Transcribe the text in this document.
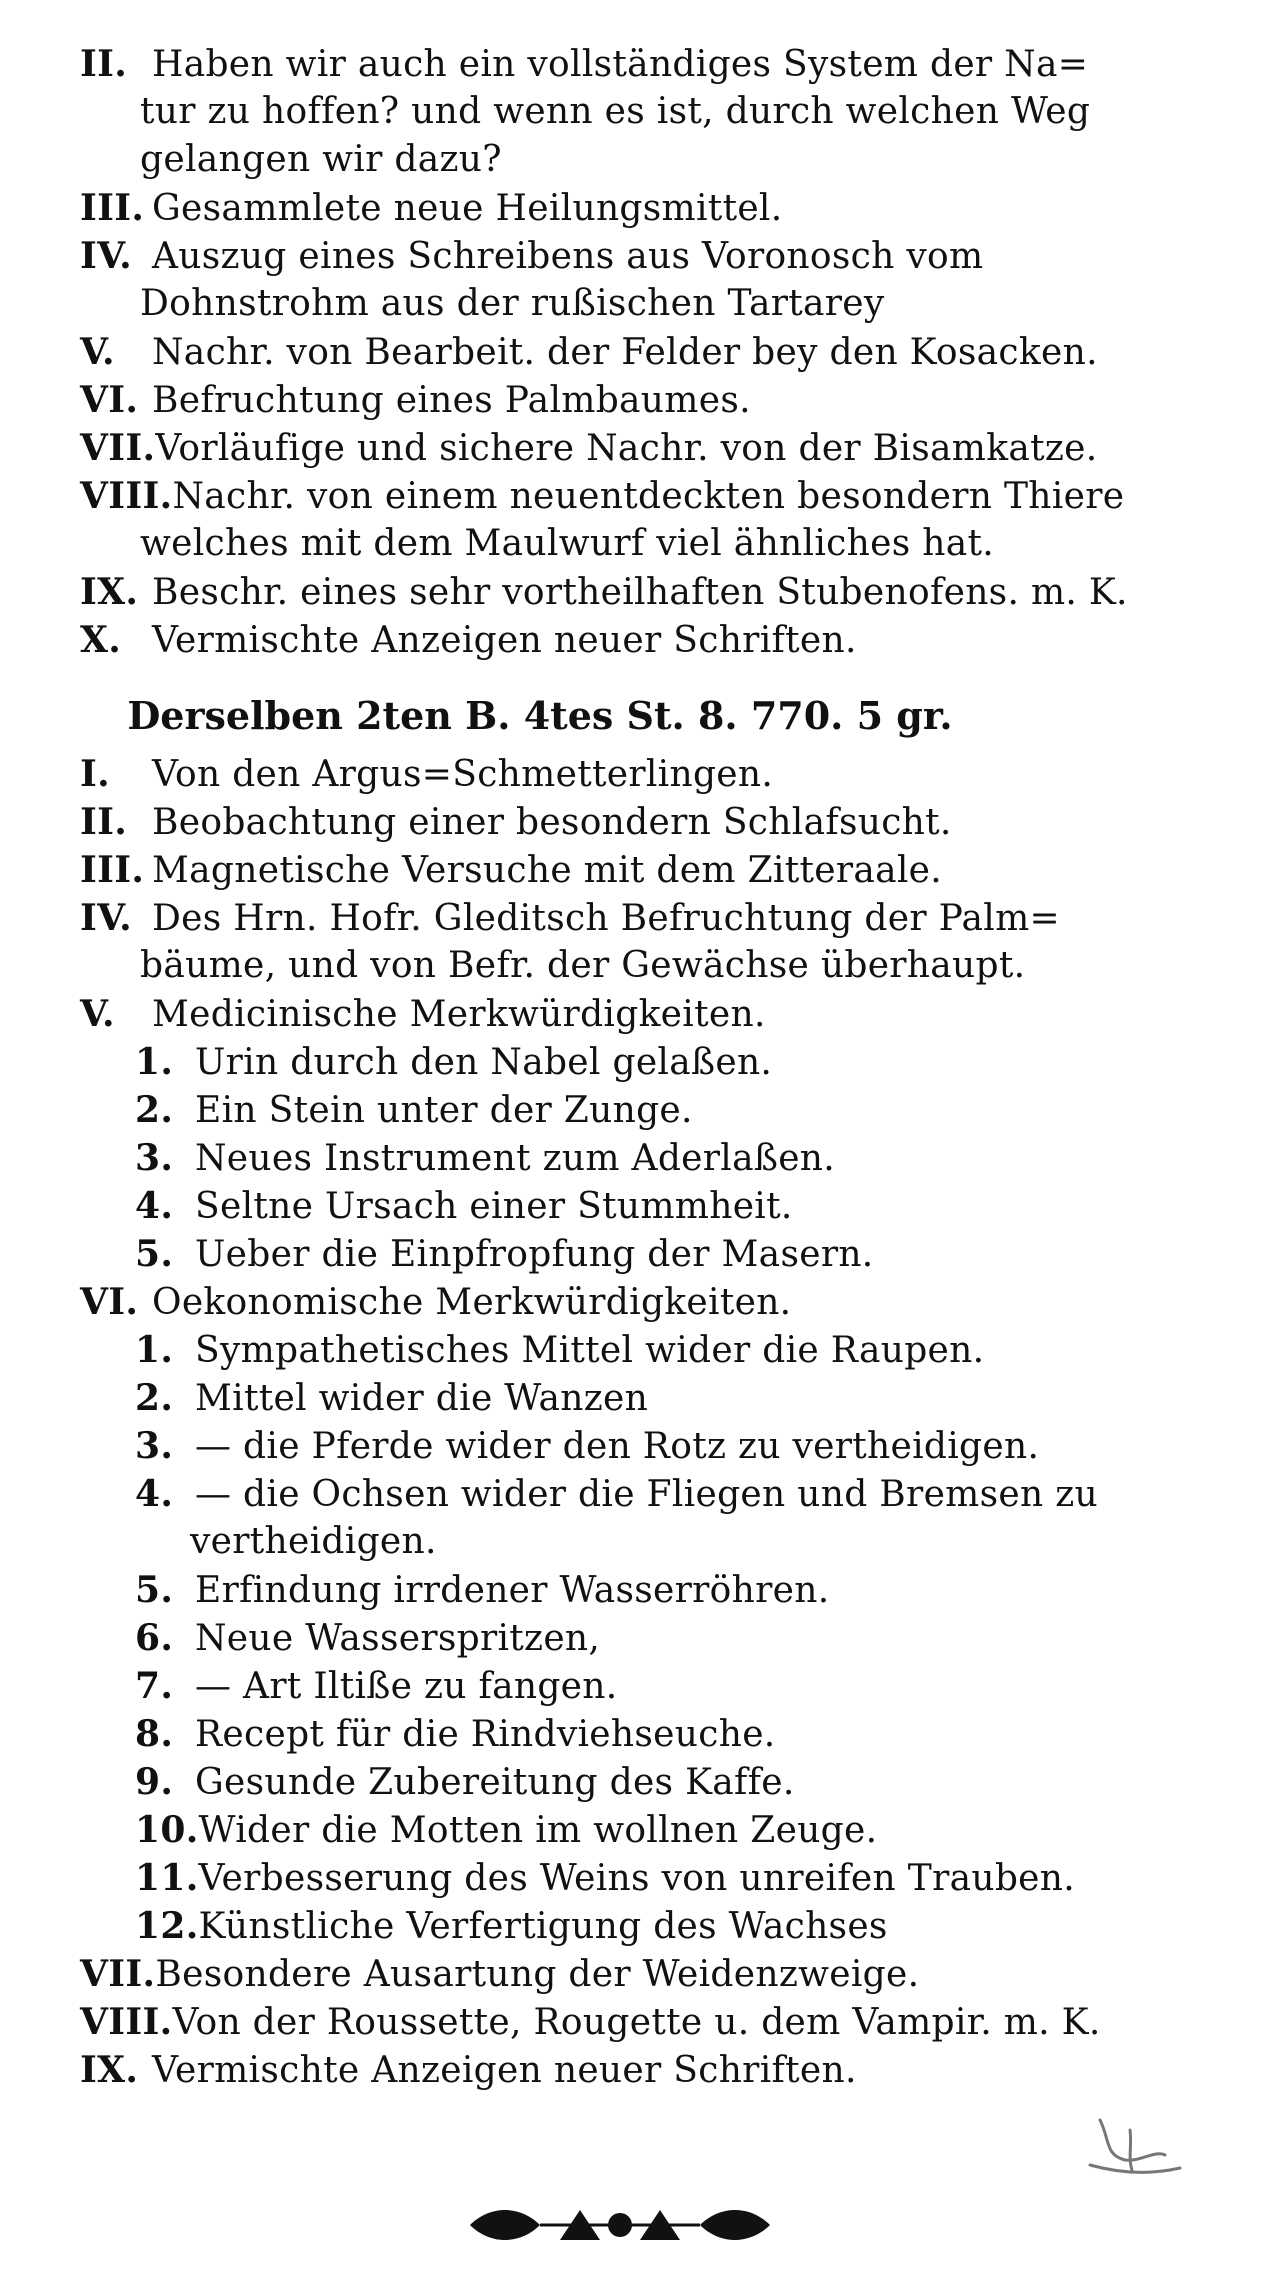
II. Haben wir auch ein vollständiges System der Na=
tur zu hoffen? und wenn es ist, durch welchen Weg
gelangen wir dazu?
III. Gesammlete neue Heilungsmittel.
IV. Auszug eines Schreibens aus Voronosch vom
Dohnstrohm aus der rußischen Tartarey
V. Nachr. von Bearbeit. der Felder bey den Kosacken.
VI. Befruchtung eines Palmbaumes.
VII.Vorläufige und sichere Nachr. von der Bisamkatze.
VIII.Nachr. von einem neuentdeckten besondern Thiere
welches mit dem Maulwurf viel ähnliches hat.
IX. Beschr. eines sehr vortheilhaften Stubenofens. m. K.
X. Vermischte Anzeigen neuer Schriften.
Derselben 2ten B. 4tes St. 8. 770. 5 gr.
I. Von den Argus=Schmetterlingen.
II. Beobachtung einer besondern Schlafsucht.
III. Magnetische Versuche mit dem Zitteraale.
IV. Des Hrn. Hofr. Gleditsch Befruchtung der Palm=
bäume, und von Befr. der Gewächse überhaupt.
V. Medicinische Merkwürdigkeiten.
1. Urin durch den Nabel gelaßen.
2. Ein Stein unter der Zunge.
3. Neues Instrument zum Aderlaßen.
4. Seltne Ursach einer Stummheit.
5. Ueber die Einpfropfung der Masern.
VI. Oekonomische Merkwürdigkeiten.
1. Sympathetisches Mittel wider die Raupen.
2. Mittel wider die Wanzen
3. — die Pferde wider den Rotz zu vertheidigen.
4. — die Ochsen wider die Fliegen und Bremsen zu
vertheidigen.
5. Erfindung irrdener Wasserröhren.
6. Neue Wasserspritzen,
7. — Art Iltiße zu fangen.
8. Recept für die Rindviehseuche.
9. Gesunde Zubereitung des Kaffe.
10.Wider die Motten im wollnen Zeuge.
11.Verbesserung des Weins von unreifen Trauben.
12.Künstliche Verfertigung des Wachses
VII.Besondere Ausartung der Weidenzweige.
VIII.Von der Roussette, Rougette u. dem Vampir. m. K.
IX. Vermischte Anzeigen neuer Schriften.
